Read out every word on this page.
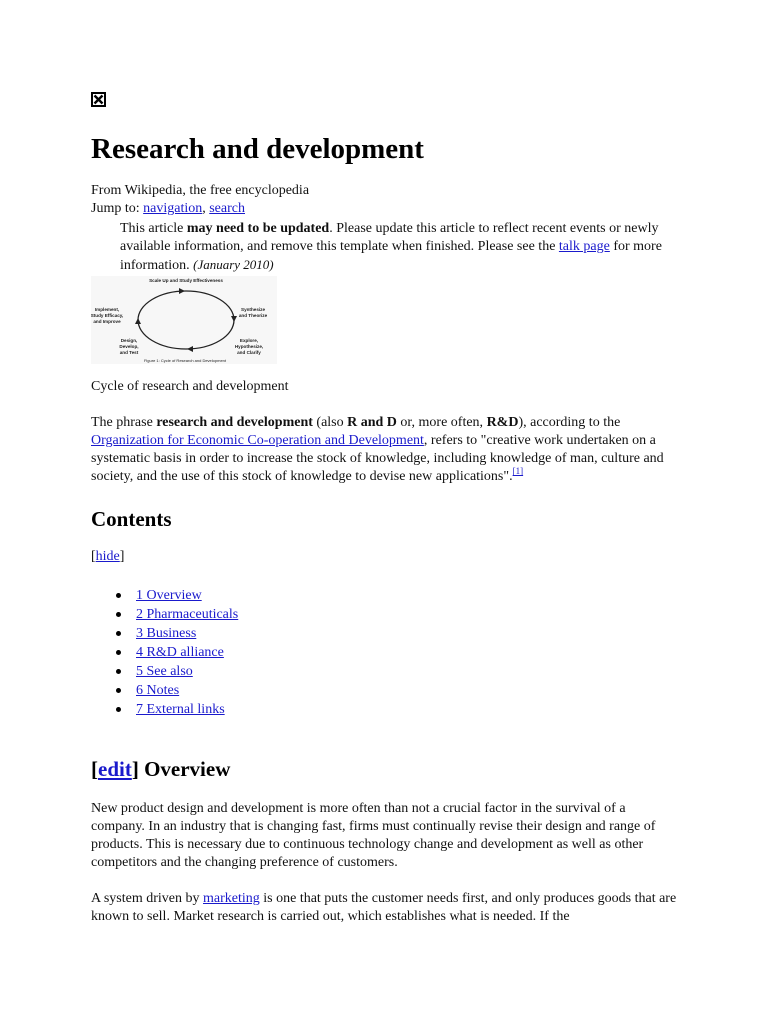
Research and development
From Wikipedia, the free encyclopedia
Jump to: navigation, search

This article may need to be updated. Please update this article to reflect recent events or newly available information, and remove this template when finished. Please see the talk page for more information. (January 2010)

Scale Up and Study Effectiveness
Implement,
Study Efficacy,
and Improve
Synthesize
and Theorize
Design,
Develop,
and Test
Explore,
Hypothesize,
and Clarify
Figure 1: Cycle of Research and Development
Cycle of research and development

The phrase research and development (also R and D or, more often, R&D), according to the Organization for Economic Co-operation and Development, refers to "creative work undertaken on a systematic basis in order to increase the stock of knowledge, including knowledge of man, culture and society, and the use of this stock of knowledge to devise new applications".[1]

Contents
[hide]
1 Overview
2 Pharmaceuticals
3 Business
4 R&D alliance
5 See also
6 Notes
7 External links
[edit] Overview

New product design and development is more often than not a crucial factor in the survival of a company. In an industry that is changing fast, firms must continually revise their design and range of products. This is necessary due to continuous technology change and development as well as other competitors and the changing preference of customers.

A system driven by marketing is one that puts the customer needs first, and only produces goods that are known to sell. Market research is carried out, which establishes what is needed. If the
